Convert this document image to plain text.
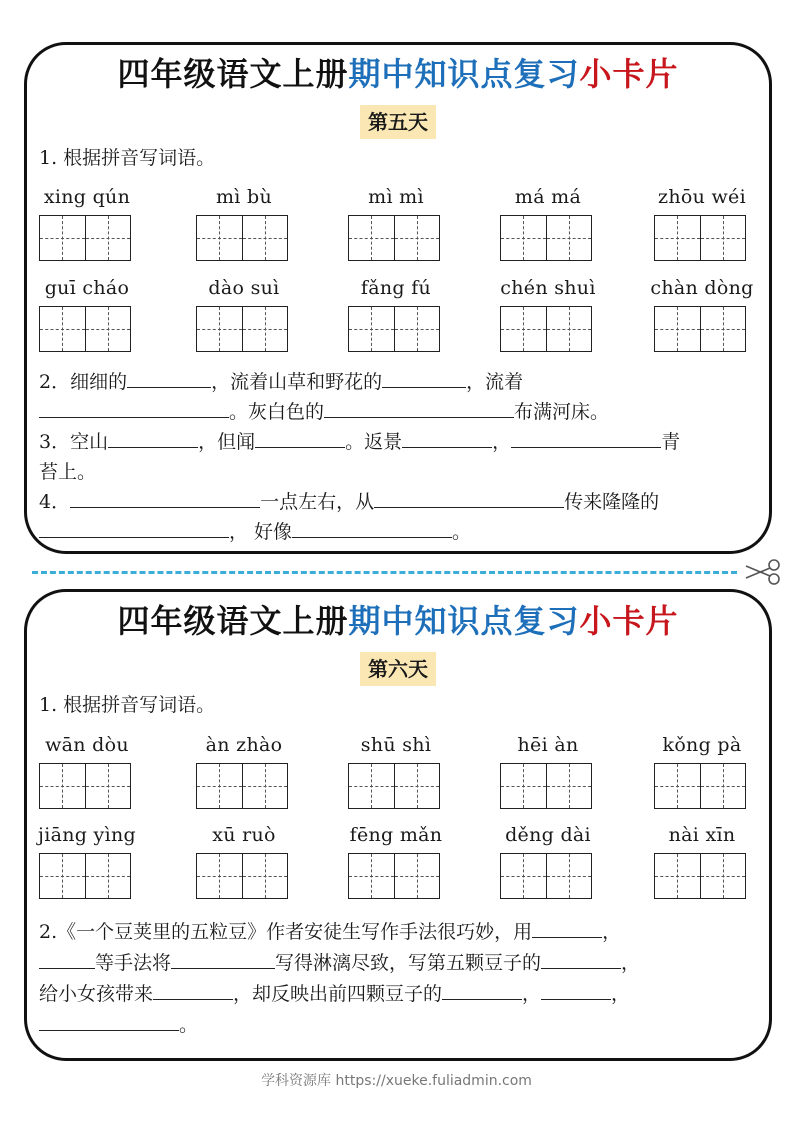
四年级语文上册期中知识点复习小卡片
第五天
1. 根据拼音写词语。
xing qún	mì bù	mì mì	má má	zhōu wéi
guī cháo	dào suì	fǎng fú	chén shuì	chàn dòng
2．细细的	，流着山草和野花的	，流着
。灰白色的	布满河床。
3．空山	，但闻	。返景	，	青
苔上。
4．	一点左右，从	传来隆隆的
， 好像	。
四年级语文上册期中知识点复习小卡片
第六天
1. 根据拼音写词语。
wān dòu	àn zhào	shū shì	hēi àn	kǒng pà
jiāng yìng	xū ruò	fēng mǎn	děng dài	nài xīn
2.《一个豆荚里的五粒豆》作者安徒生写作手法很巧妙，用	，
等手法将	写得淋漓尽致，写第五颗豆子的	，
给小女孩带来	，却反映出前四颗豆子的	，	，
。
学科资源库 https://xueke.fuliadmin.com
